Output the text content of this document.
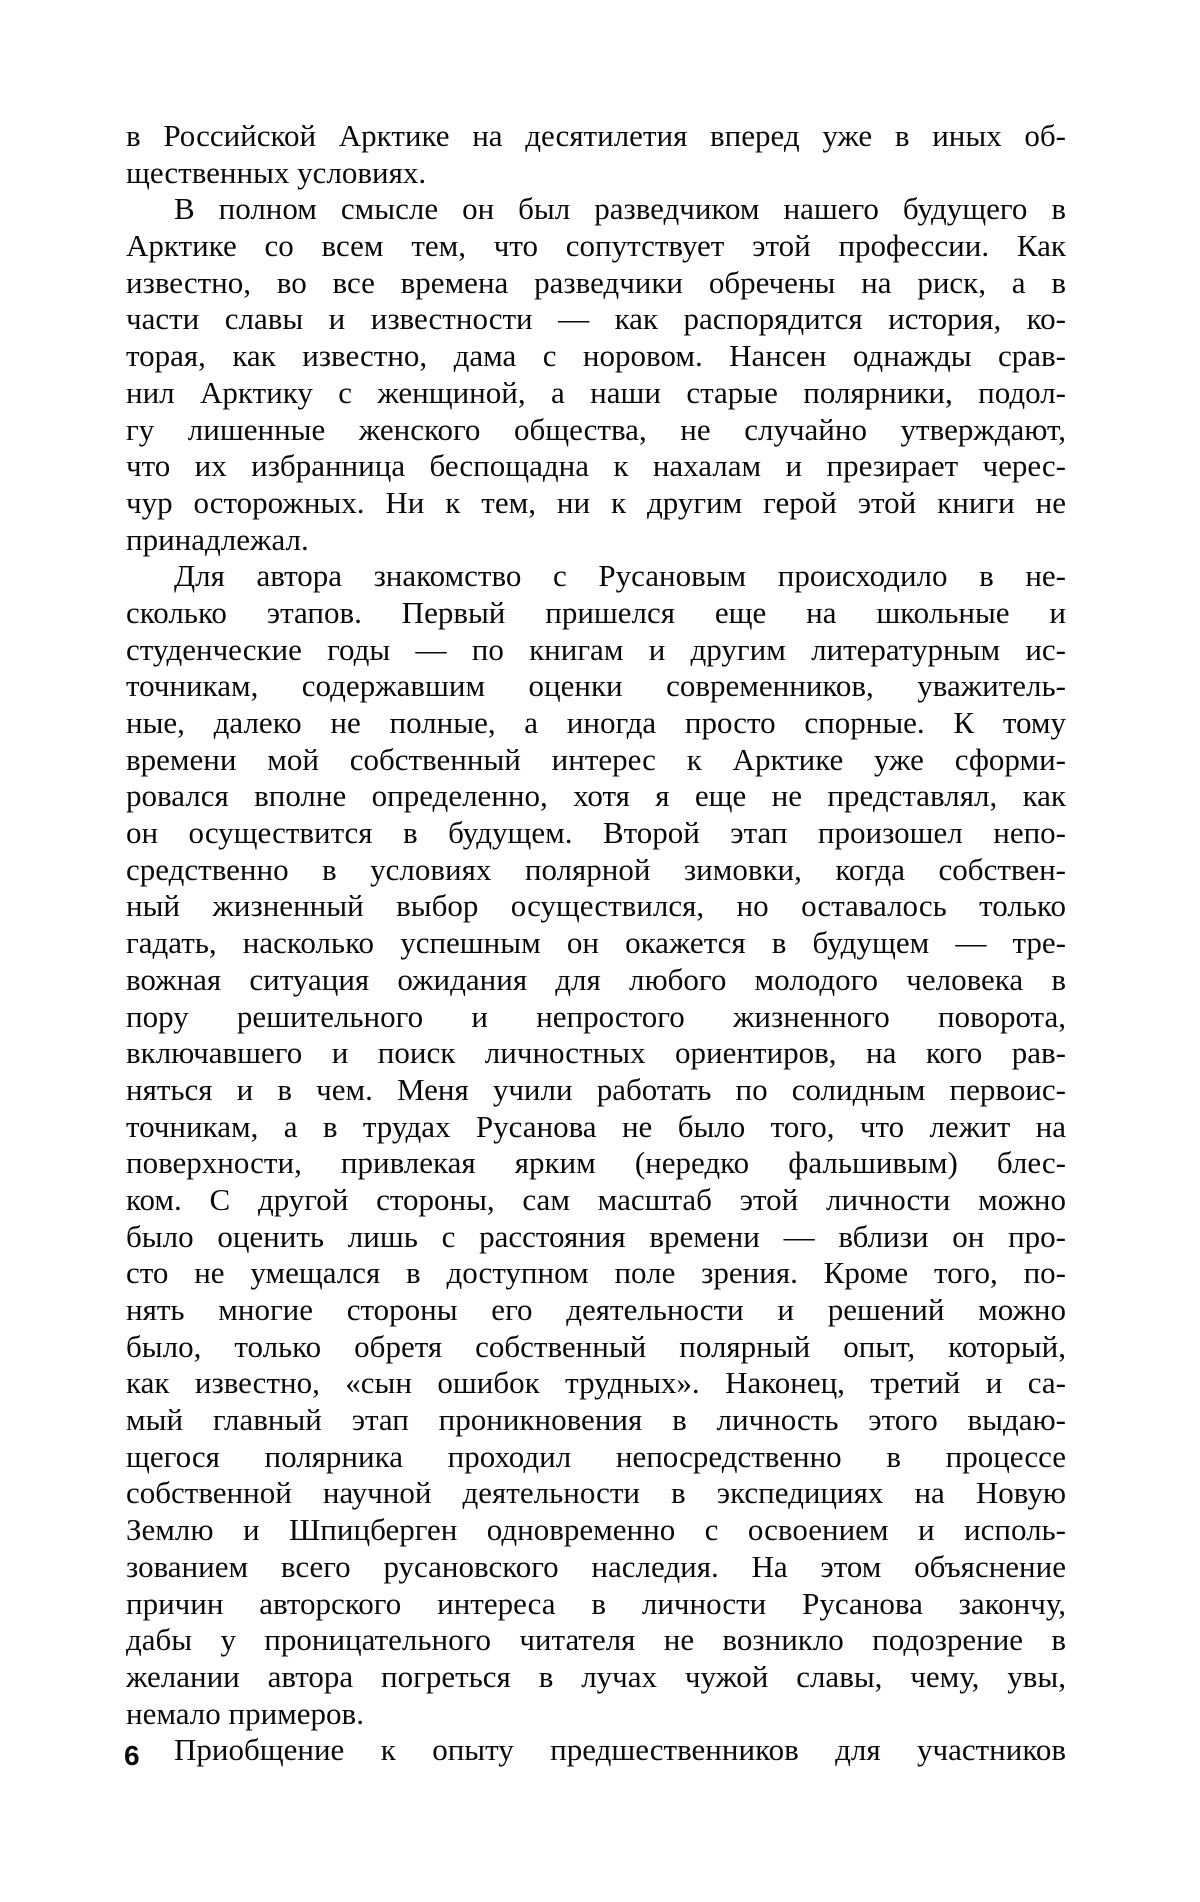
в Российской Арктике на десятилетия вперед уже в иных об-
щественных условиях.
В полном смысле он был разведчиком нашего будущего в
Арктике со всем тем, что сопутствует этой профессии. Как
известно, во все времена разведчики обречены на риск, а в
части славы и известности — как распорядится история, ко-
торая, как известно, дама с норовом. Нансен однажды срав-
нил Арктику с женщиной, а наши старые полярники, подол-
гу лишенные женского общества, не случайно утверждают,
что их избранница беспощадна к нахалам и презирает черес-
чур осторожных. Ни к тем, ни к другим герой этой книги не
принадлежал.
Для автора знакомство с Русановым происходило в не-
сколько этапов. Первый пришелся еще на школьные и
студенческие годы — по книгам и другим литературным ис-
точникам, содержавшим оценки современников, уважитель-
ные, далеко не полные, а иногда просто спорные. К тому
времени мой собственный интерес к Арктике уже сформи-
ровался вполне определенно, хотя я еще не представлял, как
он осуществится в будущем. Второй этап произошел непо-
средственно в условиях полярной зимовки, когда собствен-
ный жизненный выбор осуществился, но оставалось только
гадать, насколько успешным он окажется в будущем — тре-
вожная ситуация ожидания для любого молодого человека в
пору решительного и непростого жизненного поворота,
включавшего и поиск личностных ориентиров, на кого рав-
няться и в чем. Меня учили работать по солидным первоис-
точникам, а в трудах Русанова не было того, что лежит на
поверхности, привлекая ярким (нередко фальшивым) блес-
ком. С другой стороны, сам масштаб этой личности можно
было оценить лишь с расстояния времени — вблизи он про-
сто не умещался в доступном поле зрения. Кроме того, по-
нять многие стороны его деятельности и решений можно
было, только обретя собственный полярный опыт, который,
как известно, «сын ошибок трудных». Наконец, третий и са-
мый главный этап проникновения в личность этого выдаю-
щегося полярника проходил непосредственно в процессе
собственной научной деятельности в экспедициях на Новую
Землю и Шпицберген одновременно с освоением и исполь-
зованием всего русановского наследия. На этом объяснение
причин авторского интереса в личности Русанова закончу,
дабы у проницательного читателя не возникло подозрение в
желании автора погреться в лучах чужой славы, чему, увы,
немало примеров.
Приобщение к опыту предшественников для участников
6
